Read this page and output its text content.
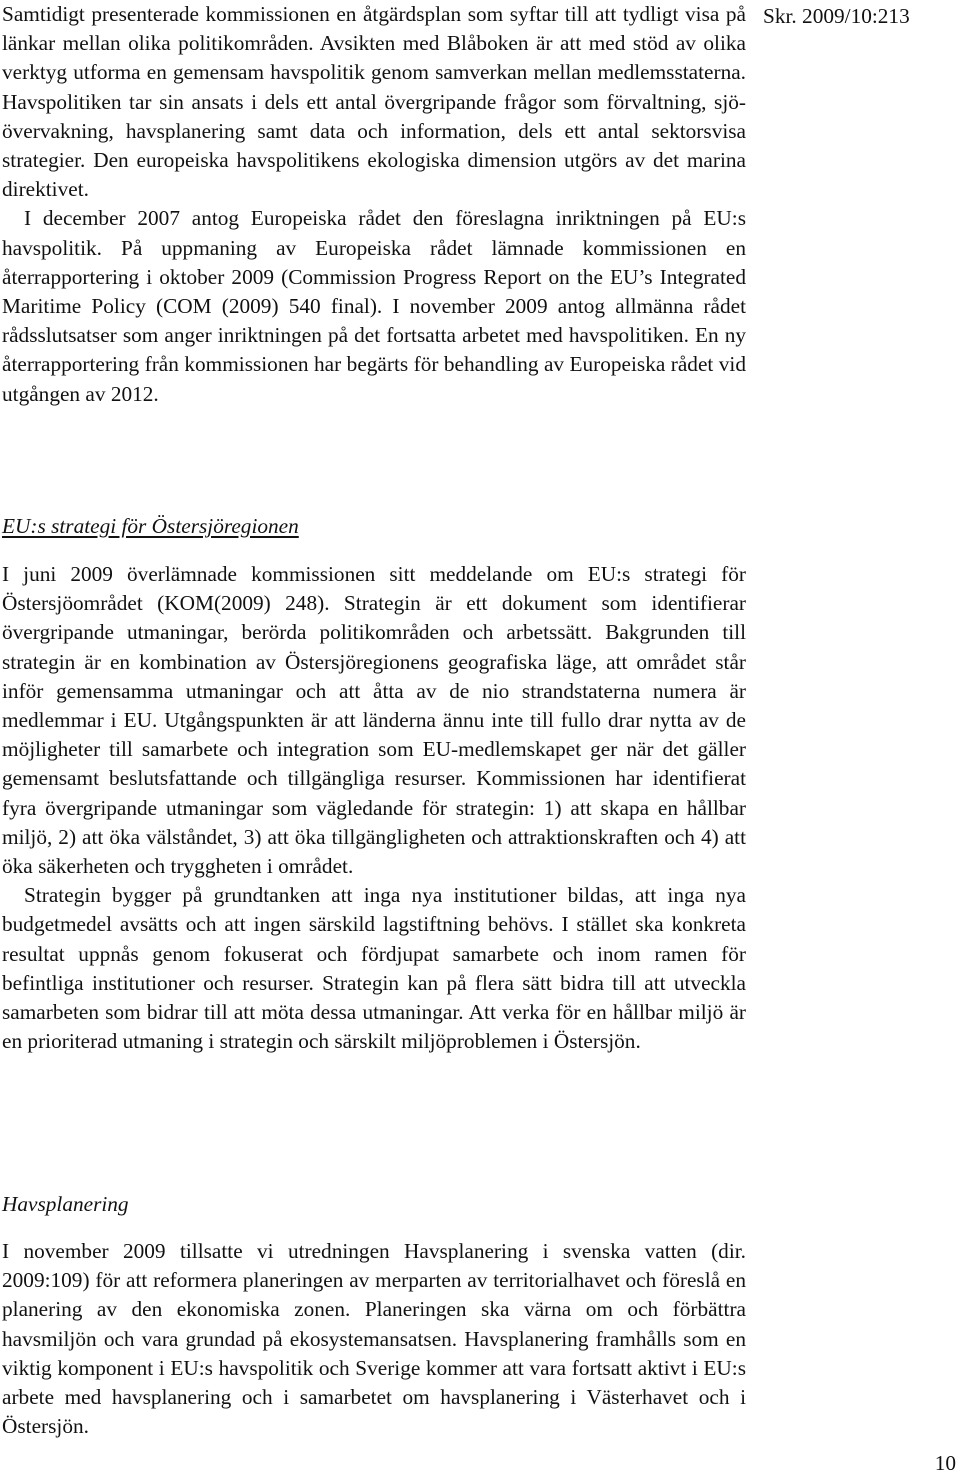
Skr. 2009/10:213

Samtidigt presenterade kommissionen en åtgärdsplan som syftar till att tydligt visa på länkar mellan olika politikområden. Avsikten med Blåboken är att med stöd av olika verktyg utforma en gemensam havspolitik genom samverkan mellan medlemsstaterna. Havspolitiken tar sin ansats i dels ett antal övergripande frågor som förvaltning, sjöövervakning, havsplanering samt data och information, dels ett antal sektorsvisa strategier. Den europeiska havspolitikens ekologiska dimension utgörs av det marina direktivet.

I december 2007 antog Europeiska rådet den föreslagna inriktningen på EU:s havspolitik. På uppmaning av Europeiska rådet lämnade kommissionen en återrapportering i oktober 2009 (Commission Progress Report on the EU’s Integrated Maritime Policy (COM (2009) 540 final). I november 2009 antog allmänna rådet rådsslutsatser som anger inriktningen på det fortsatta arbetet med havspolitiken. En ny återrapportering från kommissionen har begärts för behandling av Europeiska rådet vid utgången av 2012.

EU:s strategi för Östersjöregionen

I juni 2009 överlämnade kommissionen sitt meddelande om EU:s strategi för Östersjöområdet (KOM(2009) 248). Strategin är ett dokument som identifierar övergripande utmaningar, berörda politikområden och arbetssätt. Bakgrunden till strategin är en kombination av Östersjöregionens geografiska läge, att området står inför gemensamma utmaningar och att åtta av de nio strandstaterna numera är medlemmar i EU. Utgångspunkten är att länderna ännu inte till fullo drar nytta av de möjligheter till samarbete och integration som EU-medlemskapet ger när det gäller gemensamt beslutsfattande och tillgängliga resurser. Kommissionen har identifierat fyra övergripande utmaningar som vägledande för strategin: 1) att skapa en hållbar miljö, 2) att öka välståndet, 3) att öka tillgängligheten och attraktionskraften och 4) att öka säkerheten och tryggheten i området.

Strategin bygger på grundtanken att inga nya institutioner bildas, att inga nya budgetmedel avsätts och att ingen särskild lagstiftning behövs. I stället ska konkreta resultat uppnås genom fokuserat och fördjupat samarbete och inom ramen för befintliga institutioner och resurser. Strategin kan på flera sätt bidra till att utveckla samarbeten som bidrar till att möta dessa utmaningar. Att verka för en hållbar miljö är en prioriterad utmaning i strategin och särskilt miljöproblemen i Östersjön.

Havsplanering

I november 2009 tillsatte vi utredningen Havsplanering i svenska vatten (dir. 2009:109) för att reformera planeringen av merparten av territorialhavet och föreslå en planering av den ekonomiska zonen. Planeringen ska värna om och förbättra havsmiljön och vara grundad på ekosystemansatsen. Havsplanering framhålls som en viktig komponent i EU:s havspolitik och Sverige kommer att vara fortsatt aktivt i EU:s arbete med havsplanering och i samarbetet om havsplanering i Västerhavet och i Östersjön.

10
